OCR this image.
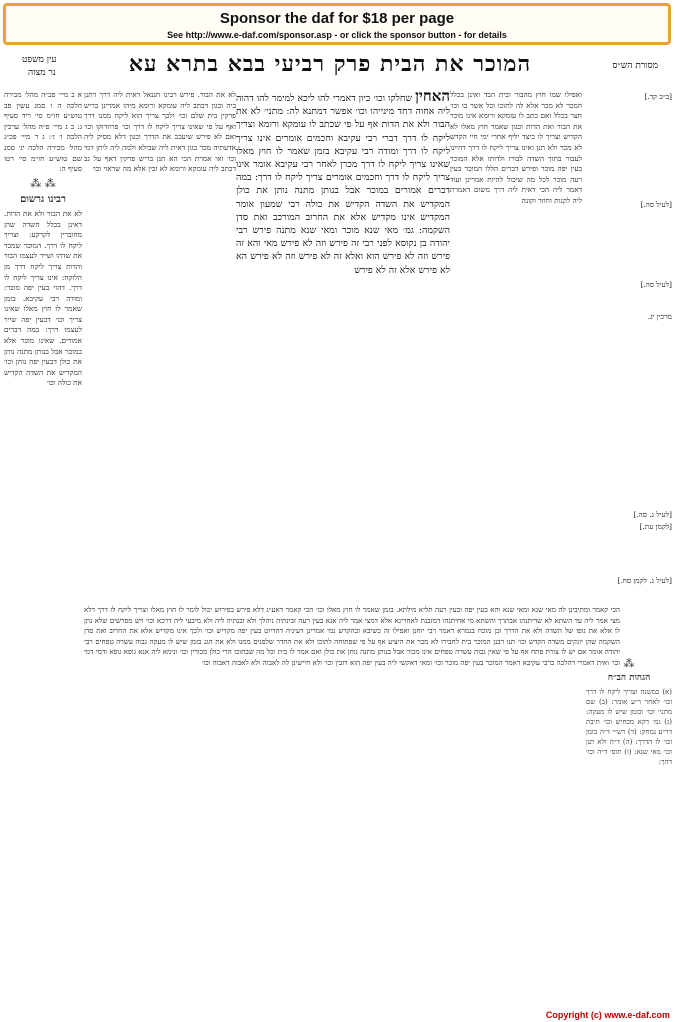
Sponsor the daf for $18 per page
See http://www.e-daf.com/sponsor.asp - or click the sponsor button - for details
עין משפט
נר מצוה	המוכר את הבית פרק רביעי בבא בתרא עא	מסורת הש״ס

א ב מיי׳ פכ״ה מהל׳ מכירה הלכה ה ו סמג עשין פב טוש״ע חו״מ סי׳ ריד סעיף ג: ב ג מיי׳ פ״ה מהל׳ ערכין הלכה ו׳ ז׳: ג ד מיי׳ פכ״ג מהל׳ מכירה הלכה יג׳ סמג שם טוש״ע חו״מ סי׳ רטו סעיף ה:

⁂ ⁂
רבינו גרשום

לא את הבור ולא את הדות. דאינן בכלל השדה שהן מחוברין לקרקע: וצריך ליקח לו דרך. המוכר שמכר את שדהו ושייר לעצמו הבור והדות צריך ליקח דרך מן הלוקח: אינו צריך ליקח לו דרך. דהוי בעין יפה מוכר: ומודה רבי עקיבא. בזמן שאמר לו חוץ מאלו שאינו צריך וכו׳ דבעין יפה שייר לעצמו דרך: במה דברים אמורים. שאינו מוכר אלא במוכר אבל בנותן מתנה נותן את כולן דבעין יפה נותן וכו׳ המקדיש את השדה הקדיש את כולה וכו׳

לא את הבור. פירש רבינו חננאל דאית ליה דרך דתנן ביה וכגון דכתב ליה עומקא ורומא מיהו אמרינן בריש פרקין בית שלם וכו׳ ולכך צריך הוא ליקח ממנו דרך ואף על פי שאינו צריך ליקח לו דרך וכו׳ פרוזדוקו וכו׳ ואם לא פירש שיעכב את הדרך וכגון דלא מסיק ליה אדעתיה מכר כגון דאית ליה שבילא ולמה ליה ליתן דמי וכו׳ ואי אמרת הכי הא תנן בריש פרקין דאף על גב דכתב ליה עומקא ורומא לא זבין אלא מה שראוי וכו׳

האחין שחלקו וכו׳ כיון דאמרי להו ליכא למימר להו דהוה ליה אחוה דחד מינייהו וכו׳ אפשר דמתנא לה: מתני׳ לא את הבור ולא את הדות אף על פי שכתב לו עומקא ורומא וצריך ליקח לו דרך דברי רבי עקיבא וחכמים אומרים אינו צריך ליקח לו דרך ומודה רבי עקיבא בזמן שאמר לו חוץ מאלו שאינו צריך ליקח לו דרך מכרן לאחר רבי עקיבא אומר אינו צריך ליקח לו דרך וחכמים אומרים צריך ליקח לו דרך: במה דברים אמורים במוכר אבל בנותן מתנה נותן את כולן המקדיש את השדה הקדיש את כולה רבי שמעון אומר המקדיש אינו מקדיש אלא את החרוב המורכב ואת סדן השקמה: גמ׳ מאי שנא מוכר ומאי שנא מתנה פירש רבי יהודה בן נקוסא לפני רבי זה פירש וזה לא פירש מאי והא זה פירש וזה לא פירש הוא ואלא זה לא פירש וזה לא פירש הא לא פירש אלא זה לא פירש

ואפילו שמו חוץ מהבור ובית הבד ואינן בכלל המכר לא מכר אלא לה לתוכו וכל אשר בו וכו׳ חצר בכלל ואם כתב לו עומקא ורומא אינו מוכר את הבור ואת הדות וכגון שאמר חוץ מאלו לא הקדיש וצריך לו כיצד יליף אחרי ימי חיי הקדש לא מכר ולא תנן ואינו צריך ליקח לו דרך דהיינו לעבור בתוך השדה לבורו ולדותו אלא המוכר בעין יפה מוכר ופירש דברים הללו המוכר בעין רעה מוכר לכל מה שיכול להיות אמרינן ועוד דאמר ליה הכי דאית ליה דרך משום דאמרת ליה לקנות וחוזר וקונה

הכי קאמר ומתיבינן לה מאי שנא ומאי שנא והא בעין יפה ובעין רעה תליא מילתא. בזמן שאמר לו חוץ מאלו וכו׳ הכי קאמר דאע״ג דלא פירש בפירוש יכול לומר לו חוץ מאלו וצריך ליקח לו דרך דלא מצי אמר ליה עד השתא לא שדיתנהו אבתרך והשתא מי אחיתנהו דמזבנת לאחרינא אלא דמצי אמר ליה אנא בעין רעה זבינתיה ניהלך ולא זבנתיה ליה ולא מיבעי ליה דרכא וכו׳ ויש מפרשים שלא נתן לו אלא את גופו של השדה ולא את הדרך וכן מוכח בגמרא דאמר רבי יוחנן ואפילו זה כשיבא ובהקדש נמי אמרינן דעיניה דהדיוט בעין יפה מקדיש וכו׳ ולכך אינו מקדיש אלא את החרוב ואת סדן השקמה שהן יונקים משדה הקדש וכו׳ תנו רבנן המוכר בית לחבירו לא מכר את היציע אף על פי שפתוחה לתוכו ולא את החדר שלפנים ממנו ולא את הגג בזמן שיש לו מעקה גבוה עשרה טפחים רבי יהודה אומר אם יש לו צורת פתח אף על פי שאין גבוה עשרה טפחים אינו מכור אבל בנותן מתנה נותן את כולן ואם אמר לו בית וכל מה שבתוכו הרי כולן מכורין וכו׳ ונימא ליה אנא גופא גופא ודמי דמי וכו׳ ואית דאמרי דהלכה כרבי עקיבא דאמר המוכר בעין יפה מוכר וכו׳ ומאי דאקשי ליה בעין יפה הוא דזבין וכו׳ ולא חיישינן לה לאבוה ולא לאבוה דאבוה וכו׳
[ב״ב קד.]
[לעיל סה.]
[לעיל סה.]
מרכין יג.
[לעיל ג. סה.]
[לקמן עת.]
[לעיל ג. לקמן סח.]
⁂
הגהות הב״ח
(א) במשנה וצריך ליקח לו דרך וכו׳ לאחר ר״ע אומר: (ב) שם מתני׳ וכו׳ ובזמן שיש לו מעקה: (ג) גמ׳ דקא מכחיש וכו׳ תיבת דר״ע נמחק: (ד) רש״י ד״ה בזמן וכו׳ לו הדרך: (ה) ד״ה ולא תנן וכו׳ מאי שנא: (ו) תוס׳ ד״ה וכו׳ דהך:
Copyright (c) www.e-daf.com
